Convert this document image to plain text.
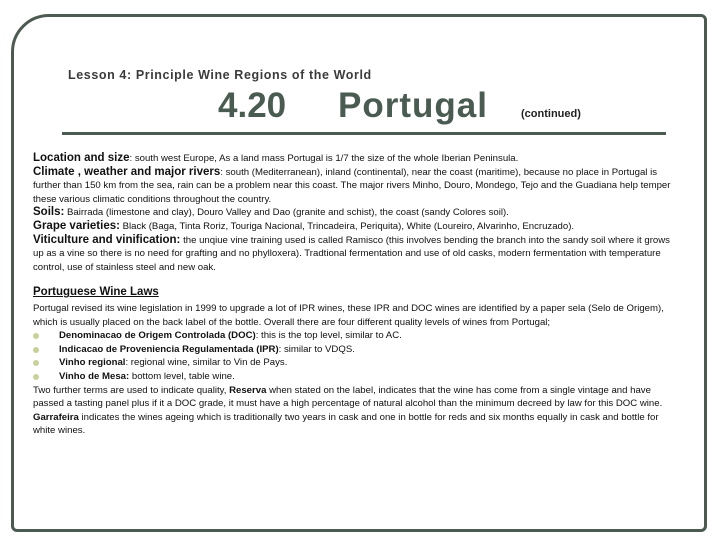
Lesson 4: Principle Wine Regions of the World
4.20 Portugal	(continued)

Location and size: south west Europe, As a land mass Portugal is 1/7 the size of the whole Iberian Peninsula.

Climate , weather and major rivers: south (Mediterranean), inland (continental), near the coast (maritime), because no place in Portugal is further than 150 km from the sea, rain can be a problem near this coast. The major rivers Minho, Douro, Mondego, Tejo and the Guadiana help temper these various climatic conditions throughout the country.

Soils: Bairrada (limestone and clay), Douro Valley and Dao (granite and schist), the coast (sandy Colores soil).

Grape varieties: Black (Baga, Tinta Roriz, Touriga Nacional, Trincadeira, Periquita), White (Loureiro, Alvarinho, Encruzado).

Viticulture and vinification: the unqiue vine training used is called Ramisco (this involves bending the branch into the sandy soil where it grows up as a vine so there is no need for grafting and no phylloxera). Tradtional fermentation and use of old casks, modern fermentation with temperature control, use of stainless steel and new oak.

Portuguese Wine Laws

Portugal revised its wine legislation in 1999 to upgrade a lot of IPR wines, these IPR and DOC wines are identified by a paper sela (Selo de Origem), which is usually placed on the back label of the bottle. Overall there are four different quality levels of wines from Portugal;

Denominacao de Origem Controlada (DOC): this is the top level, similar to AC.
Indicacao de Proveniencia Regulamentada (IPR): similar to VDQS.
Vinho regional: regional wine, similar to Vin de Pays.
Vinho de Mesa: bottom level, table wine.

Two further terms are used to indicate quality, Reserva when stated on the label, indicates that the wine has come from a single vintage and have passed a tasting panel plus if it a DOC grade, it must have a high percentage of natural alcohol than the minimum decreed by law for this DOC wine. Garrafeira indicates the wines ageing which is traditionally two years in cask and one in bottle for reds and six months equally in cask and bottle for white wines.
